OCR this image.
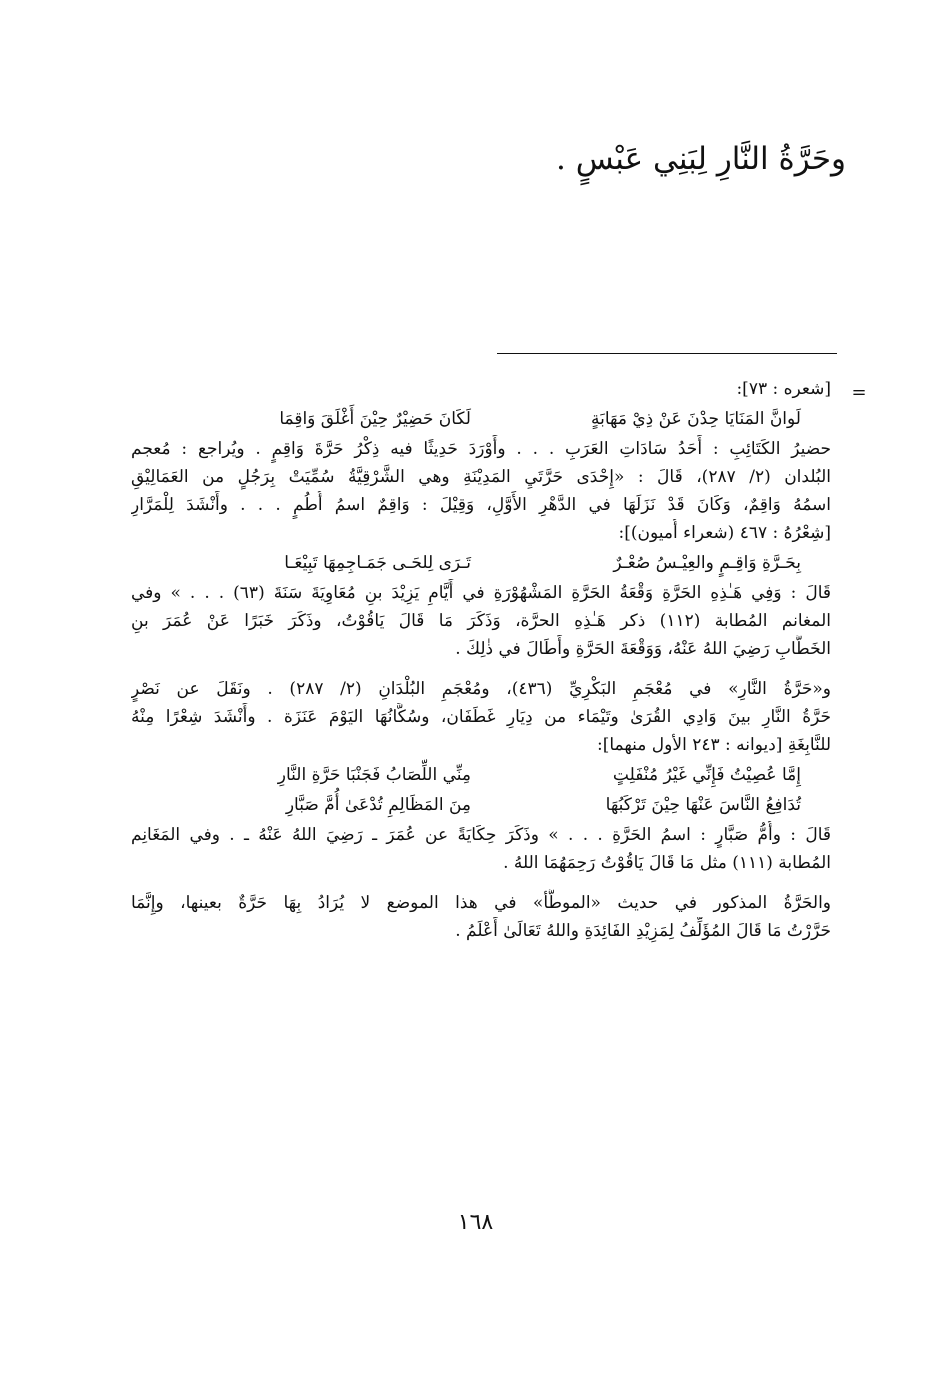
وحَرَّةُ النَّارِ لِبَنِي عَبْسٍ .
=

[شعره : ٧٣]:

لَوانَّ المَنَايَا حِدْنَ عَنْ ذِيْ مَهَابَةٍ
لَكَانَ حَضِيْرٌ حِيْنَ أَغْلَقَ وَاقِمَا

حضيرُ الكَتَائِبِ : أَحَدُ سَادَاتِ العَرَبِ . . . وأَوْرَدَ حَدِيثًا فيه ذِكْرُ حَرَّةَ وَاقِمٍ . ويُراجع : مُعجم

البُلدان (٢/ ٢٨٧)، قَالَ : «إِحْدَى حَرَّتَيِ المَدِيْنَةِ وهي الشَّرْقِيَّةُ سُمِّيَتْ بِرَجُلٍ من العَمَالِيْقِ

اسمُهُ وَاقِمٌ، وَكَانَ قَدْ نَزَلَهَا في الدَّهْرِ الأَوَّلِ، وَقِيْلَ : وَاقِمٌ اسمُ أُطُمٍ . . . وأَنْشَدَ لِلْمَرَّارِ

[شِعْرُهُ : ٤٦٧ (شعراء أُميون)]:

بِحَـرَّةِ وَاقِـمٍ والعِيْـسُ صُعْـرٌ
تَـرَى لِلحَـى جَمَـاجِمِهَا تَبِيْعَـا

قَالَ : وَفِي هَـٰذِهِ الحَرَّةِ وَقْعَةُ الحَرَّةِ المَشْهُوْرَةِ في أَيَّامِ يَزِيْدَ بنِ مُعَاوِيَةَ سَنَةَ (٦٣) . . . » وفي

المغانم المُطابة (١١٢) ذكر هَـٰذِهِ الحرَّة، وَذَكَرَ مَا قَالَ يَاقُوْتُ، وذَكَرَ خَبَرًا عَنْ عُمَرَ بنِ

الخَطَّابِ رَضِيَ اللهُ عَنْهُ، وَوَقْعَةَ الحَرَّةِ وأَطَالَ في ذٰلِكَ .

و«حَرَّةُ النَّارِ» في مُعْجَمِ البَكْرِيِّ (٤٣٦)، ومُعْجَمِ البُلْدَانِ (٢/ ٢٨٧) . ونَقَلَ عن نَصْرٍ

حَرَّةُ النَّارِ بينَ وَادِي القُرَىٰ وتَيْمَاء من دِيَارِ غَطَفَان، وسُكَّانُهَا اليَوْمَ عَنَزَة . وأَنْشَدَ شِعْرًا مِنْهُ

للنَّابِغَةِ [ديوانه : ٢٤٣ الأول منهما]:

إِمَّا عُصِيْتُ فَإِنِّي غَيْرُ مُنْفَلِتٍ
مِنِّي اللِّصَابُ فَجَنْبَا حَرَّةِ النَّارِ
تُدَافِعُ النَّاسَ عَنْهَا حِيْنَ تَرْكَبُهَا
مِنَ المَظَالِمِ تُدْعَىٰ أُمَّ صَبَّارِ

قَالَ : وأُمُّ صَبَّارٍ : اسمُ الحَرَّةِ . . . » وذَكَرَ حِكَايَةً عن عُمَرَ ـ رَضِيَ اللهُ عَنْهُ ـ . وفي المَغَانِم

المُطابة (١١١) مثل مَا قَالَ يَاقُوْتُ رَحِمَهُمَا اللهُ .

والحَرَّةُ المذكور في حديث «الموطَّأ» في هذا الموضع لا يُرَادُ بِهَا حَرَّةٌ بعينها، وإِنَّمَا

حَرَّرْتُ مَا قَالَ المُؤَلِّفُ لِمَزِيْدِ الفَائِدَةِ واللهُ تَعَالَىٰ أَعْلَمُ .

١٦٨
